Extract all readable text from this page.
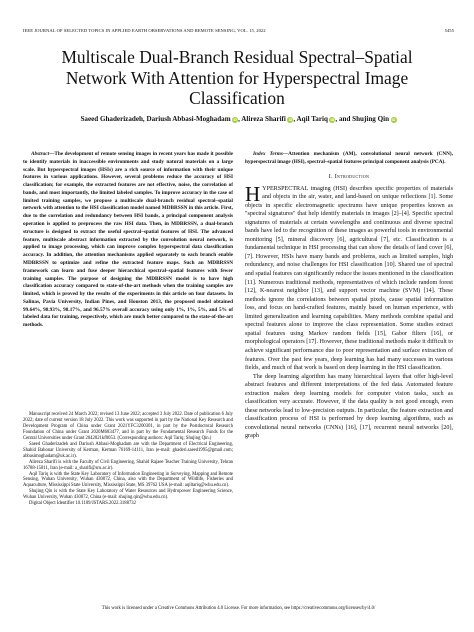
IEEE JOURNAL OF SELECTED TOPICS IN APPLIED EARTH OBSERVATIONS AND REMOTE SENSING, VOL. 15, 2022	5455
Multiscale Dual-Branch Residual Spectral–Spatial Network With Attention for Hyperspectral Image Classification
Saeed Ghaderizadeh, Dariush Abbasi-Moghadam iD, Alireza Sharifi iD, Aqil Tariq iD, and Shujing Qin iD

Abstract—The development of remote sensing images in recent years has made it possible to identify materials in inaccessible environments and study natural materials on a large scale. But hyperspectral images (HSIs) are a rich source of information with their unique features in various applications. However, several problems reduce the accuracy of HSI classification; for example, the extracted features are not effective, noise, the correlation of bands, and most importantly, the limited labeled samples. To improve accuracy in the case of limited training samples, we propose a multiscale dual-branch residual spectral–spatial network with attention to the HSI classification model named MDBRSSN in this article. First, due to the correlation and redundancy between HSI bands, a principal component analysis operation is applied to preprocess the raw HSI data. Then, in MDBRSSN, a dual-branch structure is designed to extract the useful spectral–spatial features of HSI. The advanced feature, multiscale abstract information extracted by the convolution neural network, is applied to image processing, which can improve complex hyperspectral data classification accuracy. In addition, the attention mechanisms applied separately to each branch enable MDBRSSN to optimize and refine the extracted feature maps. Such an MDBRSSN framework can learn and fuse deeper hierarchical spectral–spatial features with fewer training samples. The purpose of designing the MDBRSSN model is to have high classification accuracy compared to state-of-the-art methods when the training samples are limited, which is proved by the results of the experiments in this article on four datasets. In Salinas, Pavia University, Indian Pines, and Houston 2013, the proposed model obtained 99.64%, 98.93%, 98.17%, and 96.57% overall accuracy using only 1%, 1%, 5%, and 5% of labeled data for training, respectively, which are much better compared to the state-of-the-art methods.

Manuscript received 24 March 2022; revised 13 June 2022; accepted 3 July 2022. Date of publication 6 July 2022; date of current version 18 July 2022. This work was supported in part by the National Key Research and Development Program of China under Grant 2021YFC3200301, in part by the Postdoctoral Research Foundation of China under Grant 2020M683477, and in part by the Fundamental Research Funds for the Central Universities under Grant 2042021kf0053. (Corresponding authors: Aqil Tariq; Shujing Qin.)

Saeed Ghaderizadeh and Dariush Abbasi-Moghadam are with the Department of Electrical Engineering, Shahid Bahonar University of Kerman, Kerman 76169-14111, Iran (e-mail: ghaderi.saeed1995@gmail.com; abbasimoghadam@uk.ac.ir).

Alireza Sharifi is with the Faculty of Civil Engineering, Shahid Rajaee Teacher Training University, Tehran 16788-15811, Iran (e-mail: a_sharifi@sru.ac.ir).

Aqil Tariq is with the State Key Laboratory of Information Engineering in Surveying, Mapping and Remote Sensing, Wuhan University, Wuhan 430072, China, also with the Department of Wildlife, Fisheries and Aquaculture, Mississippi State University, Mississippi State, MS 39762 USA (e-mail: aqiltariq@whu.edu.cn).

Shujing Qin is with the State Key Laboratory of Water Resources and Hydropower Engineering Science, Wuhan University, Wuhan 430072, China (e-mail: shujing.qin@whu.edu.cn).

Digital Object Identifier 10.1109/JSTARS.2022.3188732

Index Terms—Attention mechanism (AM), convolutional neural network (CNN), hyperspectral image (HSI), spectral–spatial features principal component analysis (PCA).

I. Introduction

HYPERSPECTRAL imaging (HSI) describes specific properties of materials and objects in the air, water, and land-based on unique reflections [1]. Some objects in specific electromagnetic spectrums have unique properties known as "spectral signatures" that help identify materials in images [2]–[4]. Specific spectral signatures of materials at certain wavelengths and continuous and diverse spectral bands have led to the recognition of these images as powerful tools in environmental monitoring [5], mineral discovery [6], agricultural [7], etc. Classification is a fundamental technique in HSI processing that can show the details of land cover [6], [7]. However, HSIs have many bands and problems, such as limited samples, high redundancy, and noise challenges for HSI classification [10]. Shared use of spectral and spatial features can significantly reduce the issues mentioned in the classification [11]. Numerous traditional methods, representatives of which include random forest [12], K-nearest neighbor [13], and support vector machine (SVM) [14]. These methods ignore the correlations between spatial pixels, cause spatial information loss, and focus on hand-crafted features, mainly based on human experience, with limited generalization and learning capabilities. Many methods combine spatial and spectral features alone to improve the class representation. Some studies extract spatial features using Markov random fields [15], Gabor filters [16], or morphological operators [17]. However, these traditional methods make it difficult to achieve significant performance due to poor representation and surface extraction of features. Over the past few years, deep learning has had many successes in various fields, and much of that work is based on deep learning in the HSI classification.

The deep learning algorithm has many hierarchical layers that offer high-level abstract features and different interpretations of the fed data. Automated feature extraction makes deep learning models for computer vision tasks, such as classification very accurate. However, if the data quality is not good enough, even these networks lead to low-precision outputs. In particular, the feature extraction and classification process of HSI is performed by deep learning algorithms, such as convolutional neural networks (CNNs) [16], [17], recurrent neural networks [20], graph

This work is licensed under a Creative Commons Attribution 4.0 License. For more information, see https://creativecommons.org/licenses/by/4.0/
